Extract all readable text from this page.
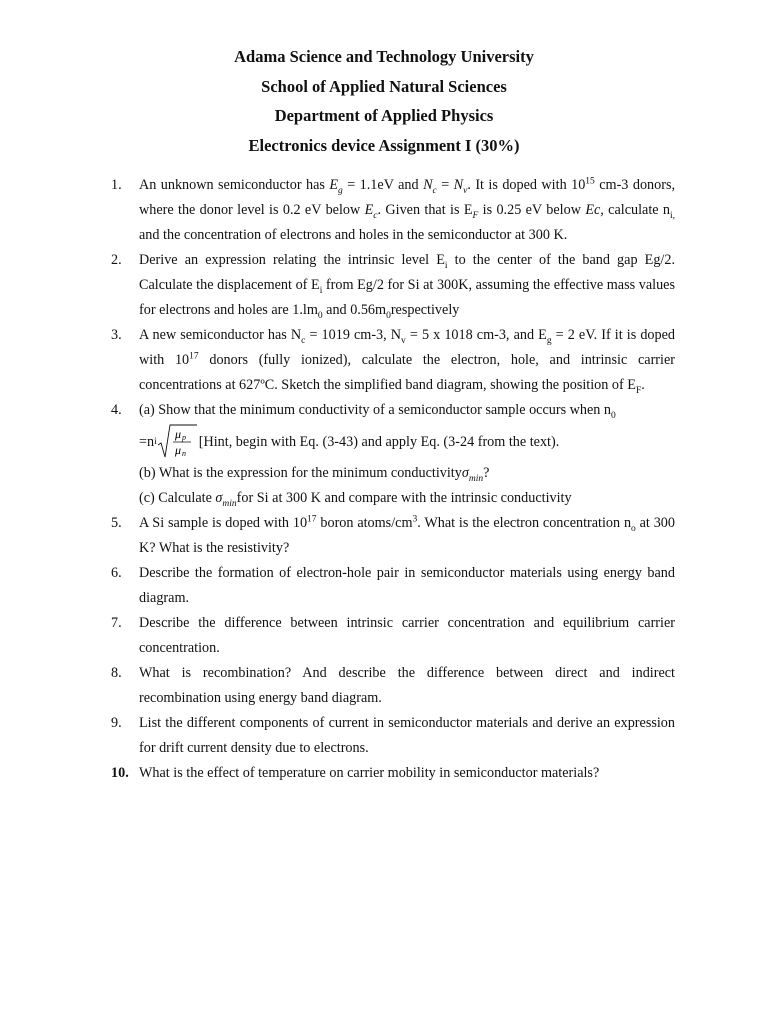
Adama Science and Technology University
School of Applied Natural Sciences
Department of Applied Physics
Electronics device Assignment I (30%)
1. An unknown semiconductor has $E_g = 1.1eV$ and $N_c = N_v$. It is doped with $10^{15}$ cm-3 donors, where the donor level is 0.2 eV below $E_c$. Given that is $E_F$ is 0.25 eV below Ec, calculate $n_{i,}$ and the concentration of electrons and holes in the semiconductor at 300 K.

2. Derive an expression relating the intrinsic level $E_i$ to the center of the band gap Eg/2. Calculate the displacement of $E_i$ from Eg/2 for Si at 300K, assuming the effective mass values for electrons and holes are $1.lm_0$ and $0.56m_0respectively$

3. A new semiconductor has $N_c = 1019$ cm-3, $N_v = 5$ x 1018 cm-3, and $E_g = 2$ eV. If it is doped with $10^{17}$ donors (fully ionized), calculate the electron, hole, and intrinsic carrier concentrations at 627ºC. Sketch the simplified band diagram, showing the position of $E_F$.

4. (a) Show that the minimum conductivity of a semiconductor sample occurs when $n_0$

=n i
μ p
μ n
[Hint, begin with Eq. (3-43) and apply Eq. (3-24 from the text).

(b) What is the expression for the minimum conductivityσ$_{min}$?

(c) Calculate $\sigma_{min}for$ Si at 300 K and compare with the intrinsic conductivity

5. A Si sample is doped with $10^{17}$ boron atoms/$cm^3$. What is the electron concentration $n_o$ at 300 K? What is the resistivity?

6. Describe the formation of electron-hole pair in semiconductor materials using energy band diagram.

7. Describe the difference between intrinsic carrier concentration and equilibrium carrier concentration.

8. What is recombination? And describe the difference between direct and indirect recombination using energy band diagram.

9. List the different components of current in semiconductor materials and derive an expression for drift current density due to electrons.

10. What is the effect of temperature on carrier mobility in semiconductor materials?
